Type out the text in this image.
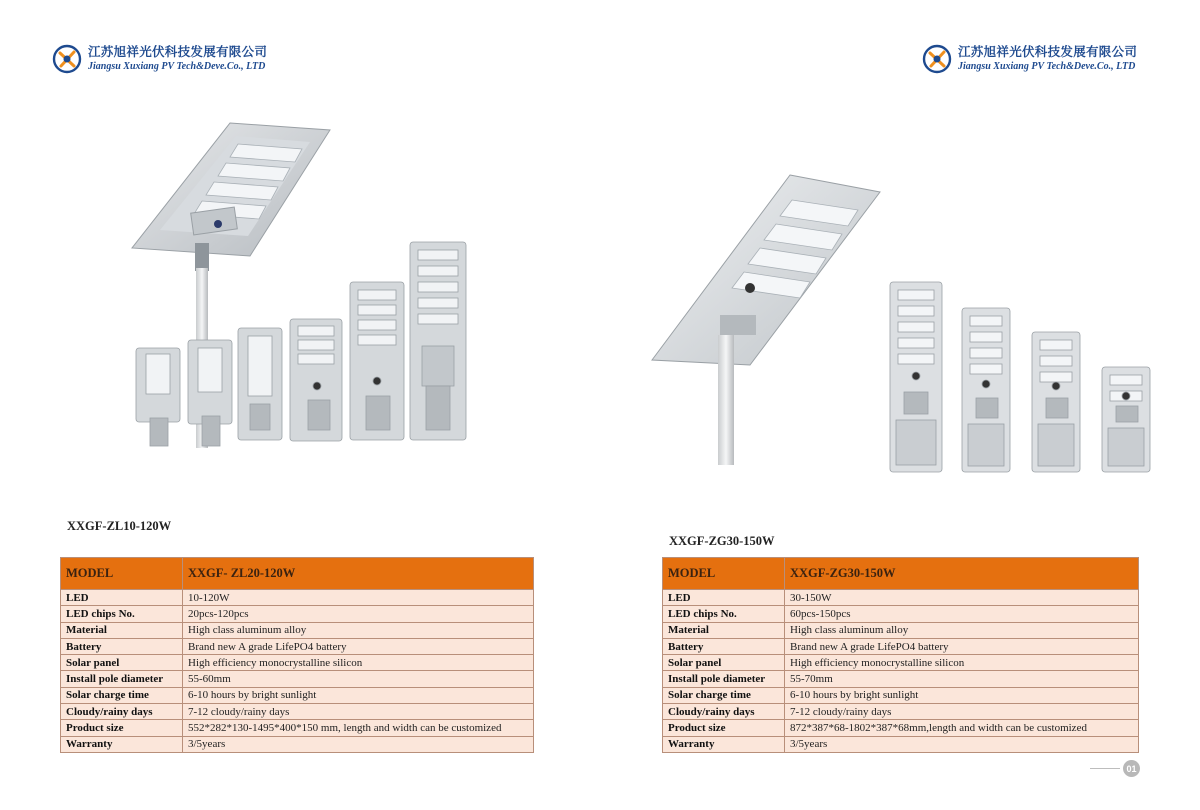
江苏旭祥光伏科技发展有限公司
Jiangsu Xuxiang PV Tech&Deve.Co., LTD
XXGF-ZL10-120W
MODEL	XXGF- ZL20-120W
LED	10-120W
LED chips No.	20pcs-120pcs
Material	High class aluminum alloy
Battery	Brand new A grade LifePO4 battery
Solar panel	High efficiency monocrystalline silicon
Install pole diameter	55-60mm
Solar charge time	6-10 hours by bright sunlight
Cloudy/rainy days	7-12 cloudy/rainy days
Product size	552*282*130-1495*400*150 mm, length and width can be customized
Warranty	3/5years
江苏旭祥光伏科技发展有限公司
Jiangsu Xuxiang PV Tech&Deve.Co., LTD
XXGF-ZG30-150W
MODEL	XXGF-ZG30-150W
LED	30-150W
LED chips No.	60pcs-150pcs
Material	High class aluminum alloy
Battery	Brand new A grade LifePO4 battery
Solar panel	High efficiency monocrystalline silicon
Install pole diameter	55-70mm
Solar charge time	6-10 hours by bright sunlight
Cloudy/rainy days	7-12 cloudy/rainy days
Product size	872*387*68-1802*387*68mm,length and width can be customized
Warranty	3/5years
01
